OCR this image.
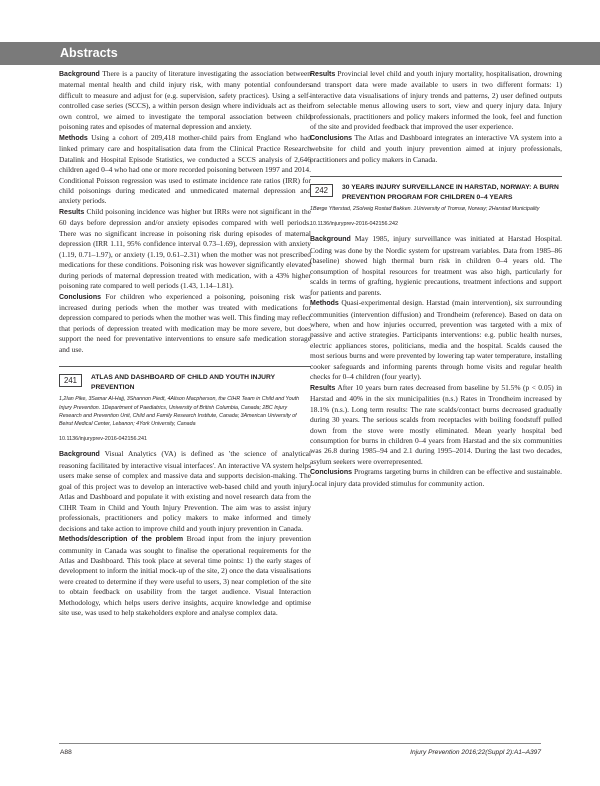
Abstracts

Background There is a paucity of literature investigating the association between maternal mental health and child injury risk, with many potential confounders difficult to measure and adjust for (e.g. supervision, safety practices). Using a self-controlled case series (SCCS), a within person design where individuals act as their own control, we aimed to investigate the temporal association between child poisoning rates and episodes of maternal depression and anxiety.

Methods Using a cohort of 209,418 mother-child pairs from England who had linked primary care and hospitalisation data from the Clinical Practice Research Datalink and Hospital Episode Statistics, we conducted a SCCS analysis of 2,646 children aged 0–4 who had one or more recorded poisoning between 1997 and 2014. Conditional Poisson regression was used to estimate incidence rate ratios (IRR) for child poisonings during medicated and unmedicated maternal depression and anxiety periods.

Results Child poisoning incidence was higher but IRRs were not significant in the 60 days before depression and/or anxiety episodes compared with well periods. There was no significant increase in poisoning risk during episodes of maternal depression (IRR 1.11, 95% confidence interval 0.73–1.69), depression with anxiety (1.19, 0.71–1.97), or anxiety (1.19, 0.61–2.31) when the mother was not prescribed medications for these conditions. Poisoning risk was however significantly elevated during periods of maternal depression treated with medication, with a 43% higher poisoning rate compared to well periods (1.43, 1.14–1.81).

Conclusions For children who experienced a poisoning, poisoning risk was increased during periods when the mother was treated with medications for depression compared to periods when the mother was well. This finding may reflect that periods of depression treated with medication may be more severe, but does support the need for preventative interventions to ensure safe medication storage and use.

241	ATLAS AND DASHBOARD OF CHILD AND YOUTH INJURY PREVENTION
1,2Ian Pike, 3Samar Al-Hajj, 3Shannon Piedt, 4Alison Macpherson, the CIHR Team in Child and Youth Injury Prevention. 1Department of Paediatrics, University of British Columbia, Canada; 2BC Injury Research and Prevention Unit, Child and Family Research Institute, Canada; 3American University of Beirut Medical Center, Lebanon; 4York University, Canada
10.1136/injuryprev-2016-042156.241

Background Visual Analytics (VA) is defined as 'the science of analytical reasoning facilitated by interactive visual interfaces'. An interactive VA system helps users make sense of complex and massive data and supports decision-making. The goal of this project was to develop an interactive web-based child and youth injury Atlas and Dashboard and populate it with existing and novel research data from the CIHR Team in Child and Youth Injury Prevention. The aim was to assist injury professionals, practitioners and policy makers to make informed and timely decisions and take action to improve child and youth injury prevention in Canada.

Methods/description of the problem Broad input from the injury prevention community in Canada was sought to finalise the operational requirements for the Atlas and Dashboard. This took place at several time points: 1) the early stages of development to inform the initial mock-up of the site, 2) once the data visualisations were created to determine if they were useful to users, 3) near completion of the site to obtain feedback on usability from the target audience. Visual Interaction Methodology, which helps users derive insights, acquire knowledge and optimise site use, was used to help stakeholders explore and analyse complex data.

Results Provincial level child and youth injury mortality, hospitalisation, drowning and transport data were made available to users in two different formats: 1) interactive data visualisations of injury trends and patterns, 2) user defined outputs from selectable menus allowing users to sort, view and query injury data. Injury professionals, practitioners and policy makers informed the look, feel and function of the site and provided feedback that improved the user experience.

Conclusions The Atlas and Dashboard integrates an interactive VA system into a website for child and youth injury prevention aimed at injury professionals, practitioners and policy makers in Canada.

242	30 YEARS INJURY SURVEILLANCE IN HARSTAD, NORWAY: A BURN PREVENTION PROGRAM FOR CHILDREN 0–4 YEARS
1Børge Ytterstad, 2Solveig Rostad Bakken. 1University of Tromsø, Norway; 2Harstad Municipality
10.1136/injuryprev-2016-042156.242

Background May 1985, injury surveillance was initiated at Harstad Hospital. Coding was done by the Nordic system for upstream variables. Data from 1985–86 (baseline) showed high thermal burn risk in children 0–4 years old. The consumption of hospital resources for treatment was also high, particularly for scalds in terms of grafting, hygienic precautions, treatment infections and support for patients and parents.

Methods Quasi-experimental design. Harstad (main intervention), six surrounding communities (intervention diffusion) and Trondheim (reference). Based on data on where, when and how injuries occurred, prevention was targeted with a mix of passive and active strategies. Participants interventions: e.g. public health nurses, electric appliances stores, politicians, media and the hospital. Scalds caused the most serious burns and were prevented by lowering tap water temperature, installing cooker safeguards and informing parents through home visits and regular health checks for 0–4 children (four yearly).

Results After 10 years burn rates decreased from baseline by 51.5% (p < 0.05) in Harstad and 40% in the six municipalities (n.s.) Rates in Trondheim increased by 18.1% (n.s.). Long term results: The rate scalds/contact burns decreased gradually during 30 years. The serious scalds from receptacles with boiling foodstuff pulled down from the stove were mostly eliminated. Mean yearly hospital bed consumption for burns in children 0–4 years from Harstad and the six communities was 26.8 during 1985–94 and 2.1 during 1995–2014. During the last two decades, asylum seekers were overrepresented.

Conclusions Programs targeting burns in children can be effective and sustainable. Local injury data provided stimulus for community action.

A88	Injury Prevention 2016;22(Suppl 2):A1–A397
